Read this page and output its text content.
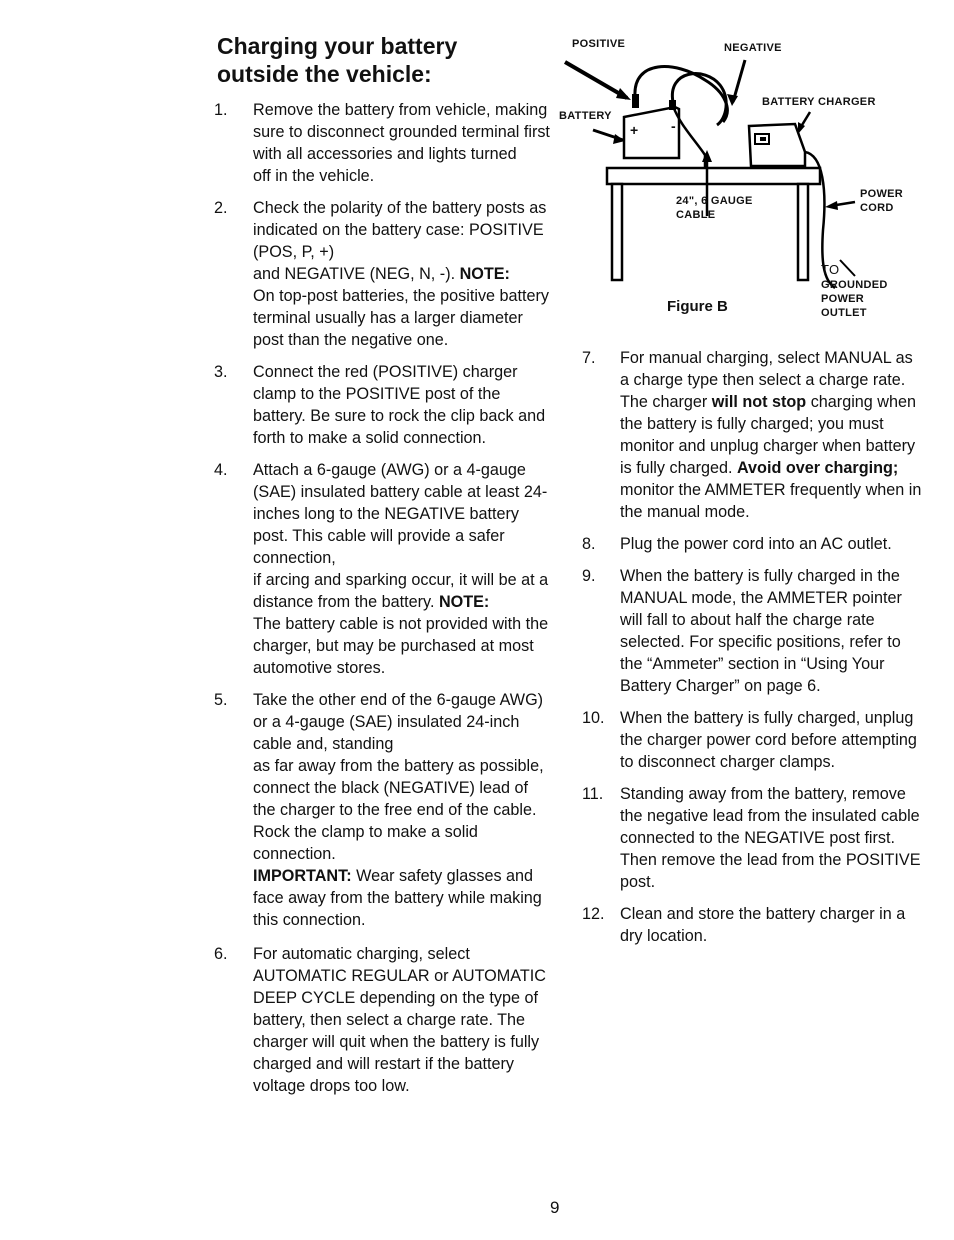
Charging your battery outside the vehicle:
POSITIVE	NEGATIVE
BATTERY
BATTERY CHARGER
+ -
24", 6 GAUGE
CABLE
POWER
CORD
TO
GROUNDED
POWER
OUTLET
Figure B
1.	Remove the battery from vehicle, making sure to disconnect grounded terminal first with all accessories and lights turned
off in the vehicle.
2.	Check the polarity of the battery posts as indicated on the battery case: POSITIVE (POS, P, +)
and NEGATIVE (NEG, N, -). NOTE:
On top-post batteries, the positive battery terminal usually has a larger diameter post than the negative one.
3.	Connect the red (POSITIVE) charger clamp to the POSITIVE post of the battery. Be sure to rock the clip back and forth to make a solid connection.
4.	Attach a 6-gauge (AWG) or a 4-gauge (SAE) insulated battery cable at least 24-inches long to the NEGATIVE battery post. This cable will provide a safer connection,
if arcing and sparking occur, it will be at a distance from the battery. NOTE:
The battery cable is not provided with the charger, but may be purchased at most automotive stores.
5.	Take the other end of the 6-gauge AWG) or a 4-gauge (SAE) insulated 24-inch cable and, standing
as far away from the battery as possible, connect the black (NEGATIVE) lead of the charger to the free end of the cable. Rock the clamp to make a solid connection.
IMPORTANT: Wear safety glasses and face away from the battery while making this connection.
6.	For automatic charging, select AUTOMATIC REGULAR or AUTOMATIC DEEP CYCLE depending on the type of battery, then select a charge rate. The charger will quit when the battery is fully charged and will restart if the battery voltage drops too low.
7.	For manual charging, select MANUAL as a charge type then select a charge rate. The charger will not stop charging when the battery is fully charged; you must monitor and unplug charger when battery is fully charged. Avoid over charging; monitor the AMMETER frequently when in the manual mode.
8.	Plug the power cord into an AC outlet.
9.	When the battery is fully charged in the MANUAL mode, the AMMETER pointer will fall to about half the charge rate selected. For specific positions, refer to the “Ammeter” section in “Using Your Battery Charger” on page 6.
10. When the battery is fully charged, unplug the charger power cord before attempting to disconnect charger clamps.
11.	Standing away from the battery, remove the negative lead from the insulated cable connected to the NEGATIVE post first. Then remove the lead from the POSITIVE post.
12. Clean and store the battery charger in a dry location.
9
